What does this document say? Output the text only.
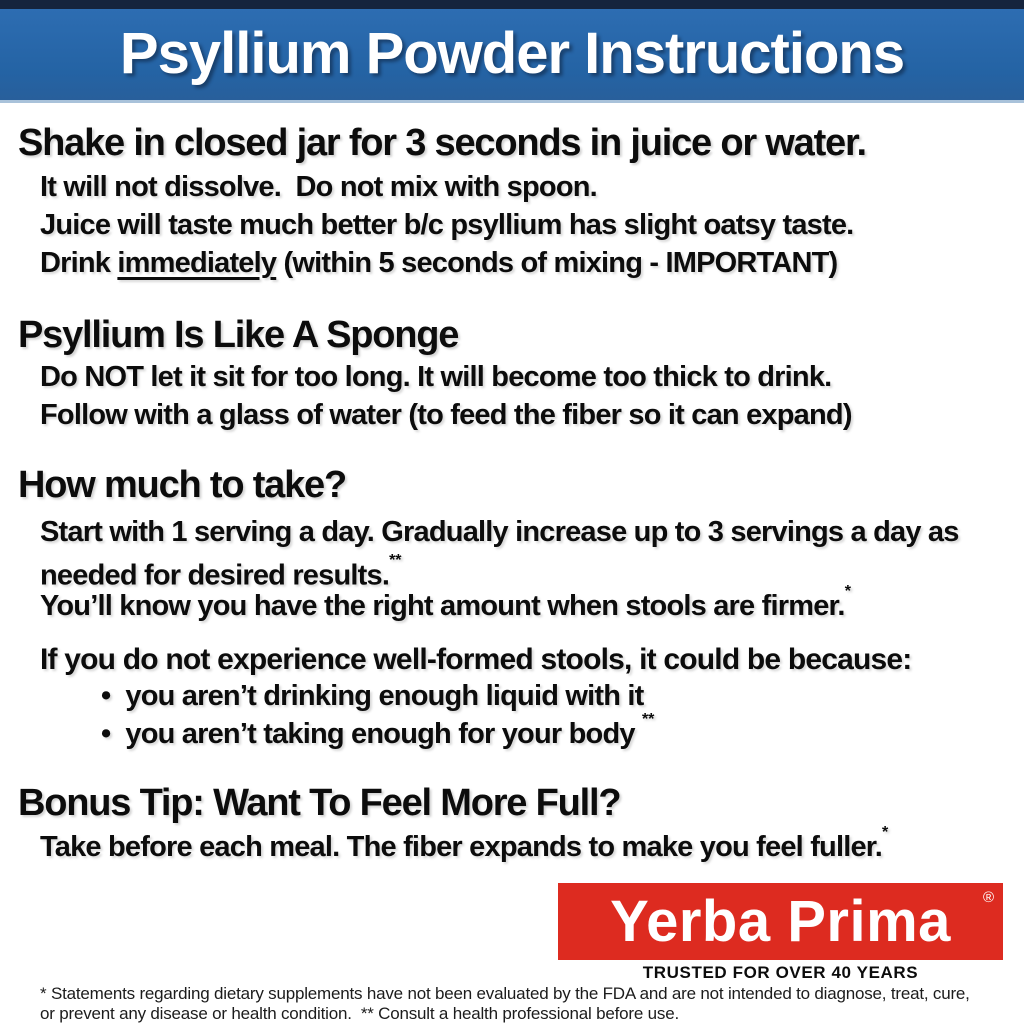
Psyllium Powder Instructions
Shake in closed jar for 3 seconds in juice or water.

It will not dissolve.  Do not mix with spoon.

Juice will taste much better b/c psyllium has slight oatsy taste.

Drink immediately (within 5 seconds of mixing - IMPORTANT)

Psyllium Is Like A Sponge

Do NOT let it sit for too long. It will become too thick to drink.

Follow with a glass of water (to feed the fiber so it can expand)

How much to take?

Start with 1 serving a day. Gradually increase up to 3 servings a day as needed for desired results.**

You’ll know you have the right amount when stools are firmer.*

If you do not experience well-formed stools, it could be because:

• you aren’t drinking enough liquid with it

• you aren’t taking enough for your body **

Bonus Tip: Want To Feel More Full?

Take before each meal. The fiber expands to make you feel fuller.*

Yerba Prima	®

TRUSTED FOR OVER 40 YEARS

* Statements regarding dietary supplements have not been evaluated by the FDA and are not intended to diagnose, treat, cure,

or prevent any disease or health condition.  ** Consult a health professional before use.
